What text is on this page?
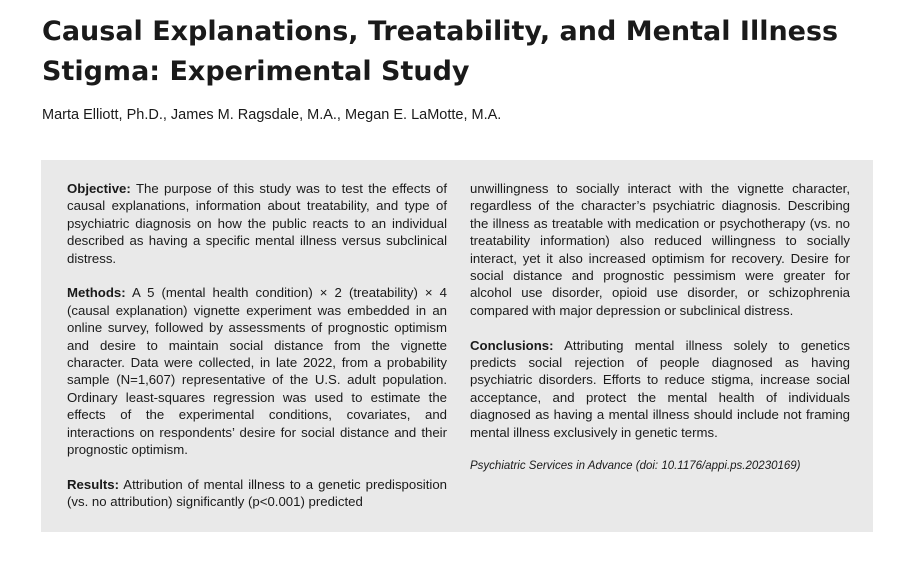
Causal Explanations, Treatability, and Mental Illness Stigma: Experimental Study
Marta Elliott, Ph.D., James M. Ragsdale, M.A., Megan E. LaMotte, M.A.

Objective: The purpose of this study was to test the effects of causal explanations, information about treatability, and type of psychiatric diagnosis on how the public reacts to an individual described as having a specific mental illness versus subclinical distress.

Methods: A 5 (mental health condition) × 2 (treatability) × 4 (causal explanation) vignette experiment was embedded in an online survey, followed by assessments of prognostic optimism and desire to maintain social distance from the vignette character. Data were collected, in late 2022, from a probability sample (N=1,607) representative of the U.S. adult population. Ordinary least-squares regression was used to estimate the effects of the experimental conditions, covariates, and interactions on respondents’ desire for social distance and their prognostic optimism.

Results: Attribution of mental illness to a genetic predisposition (vs. no attribution) significantly (p<0.001) predicted

unwillingness to socially interact with the vignette character, regardless of the character’s psychiatric diagnosis. Describing the illness as treatable with medication or psychotherapy (vs. no treatability information) also reduced willingness to socially interact, yet it also increased optimism for recovery. Desire for social distance and prognostic pessimism were greater for alcohol use disorder, opioid use disorder, or schizophrenia compared with major depression or subclinical distress.

Conclusions: Attributing mental illness solely to genetics predicts social rejection of people diagnosed as having psychiatric disorders. Efforts to reduce stigma, increase social acceptance, and protect the mental health of individuals diagnosed as having a mental illness should include not framing mental illness exclusively in genetic terms.

Psychiatric Services in Advance (doi: 10.1176/appi.ps.20230169)
